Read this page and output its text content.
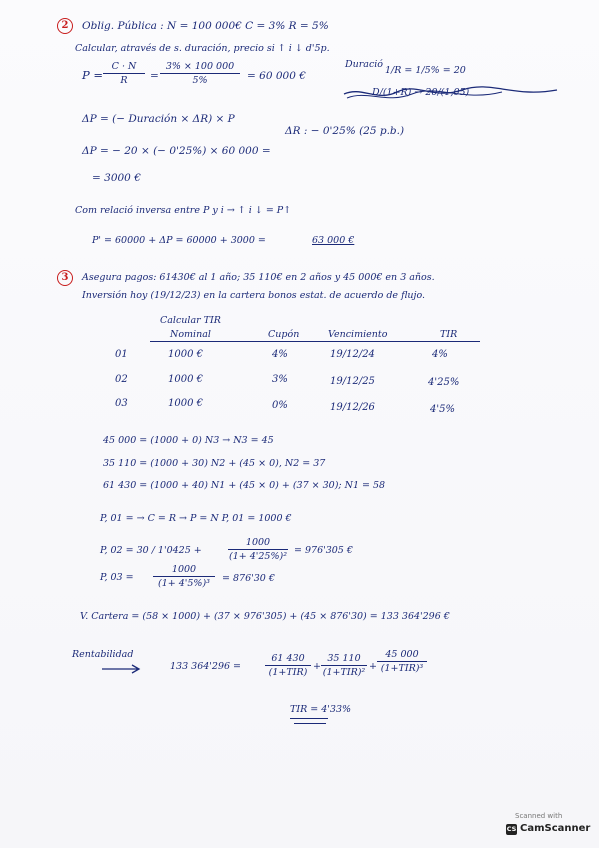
2	Oblig. Pública : N = 100 000€ C = 3% R = 5%
Calcular, através de s. duración, precio si ↑ i ↓ d'5p.
$P = \frac{C \cdot N}{R} = \frac{3\% \times 100 000}{5\%} = 60$ 000 €
Duració
1/R = 1/5% = 20
D/(1+R) → 20/(1,05)
ΔP = (− Duración × ΔR) × P
ΔR : − 0'25% (25 p.b.)
ΔP = − 20 × (− 0'25%) × 60 000 =
= 3000 €
Com relació inversa entre P y i → ↑ i ↓ = P↑
P' = 60000 + ΔP = 60000 + 3000 =	63 000 €
3	Asegura pagos: 61430€ al 1 año; 35 110€ en 2 años y 45 000€ en 3 años.
Inversión hoy (19/12/23) en la cartera bonos estat. de acuerdo de flujo.
Calcular TIR
Nominal	Cupón	Vencimiento	TIR
01	1000 €	4%	19/12/24	4%
02	1000 €	3%	19/12/25	4'25%
03	1000 €	0%	19/12/26	4'5%
45 000 = (1000 + 0) N3 → N3 = 45
35 110 = (1000 + 30) N2 + (45 × 0), N2 = 37
61 430 = (1000 + 40) N1 + (45 × 0) + (37 × 30); N1 = 58
P, 01 = → C = R → P = N P, 01 = 1000 €
P, 02 = 30 / 1'0425 +	$\frac{1000}{\text{(1+ 4'25\%)²}} = 976'305$ €
P, $03 = \frac{1000}{\text{(1+ 4'5\%)³}} = 876'30$ €
V. Cartera = (58 × 1000) + (37 × 976'305) + (45 × 876'30) = 133 364'296 €
Rentabilidad
133 364'296 =
61 430
(1+TIR) +
35 110
(1+TIR)² +
45 000
(1+TIR)³
TIR = 4'33%
Scanned with
CS CamScanner
